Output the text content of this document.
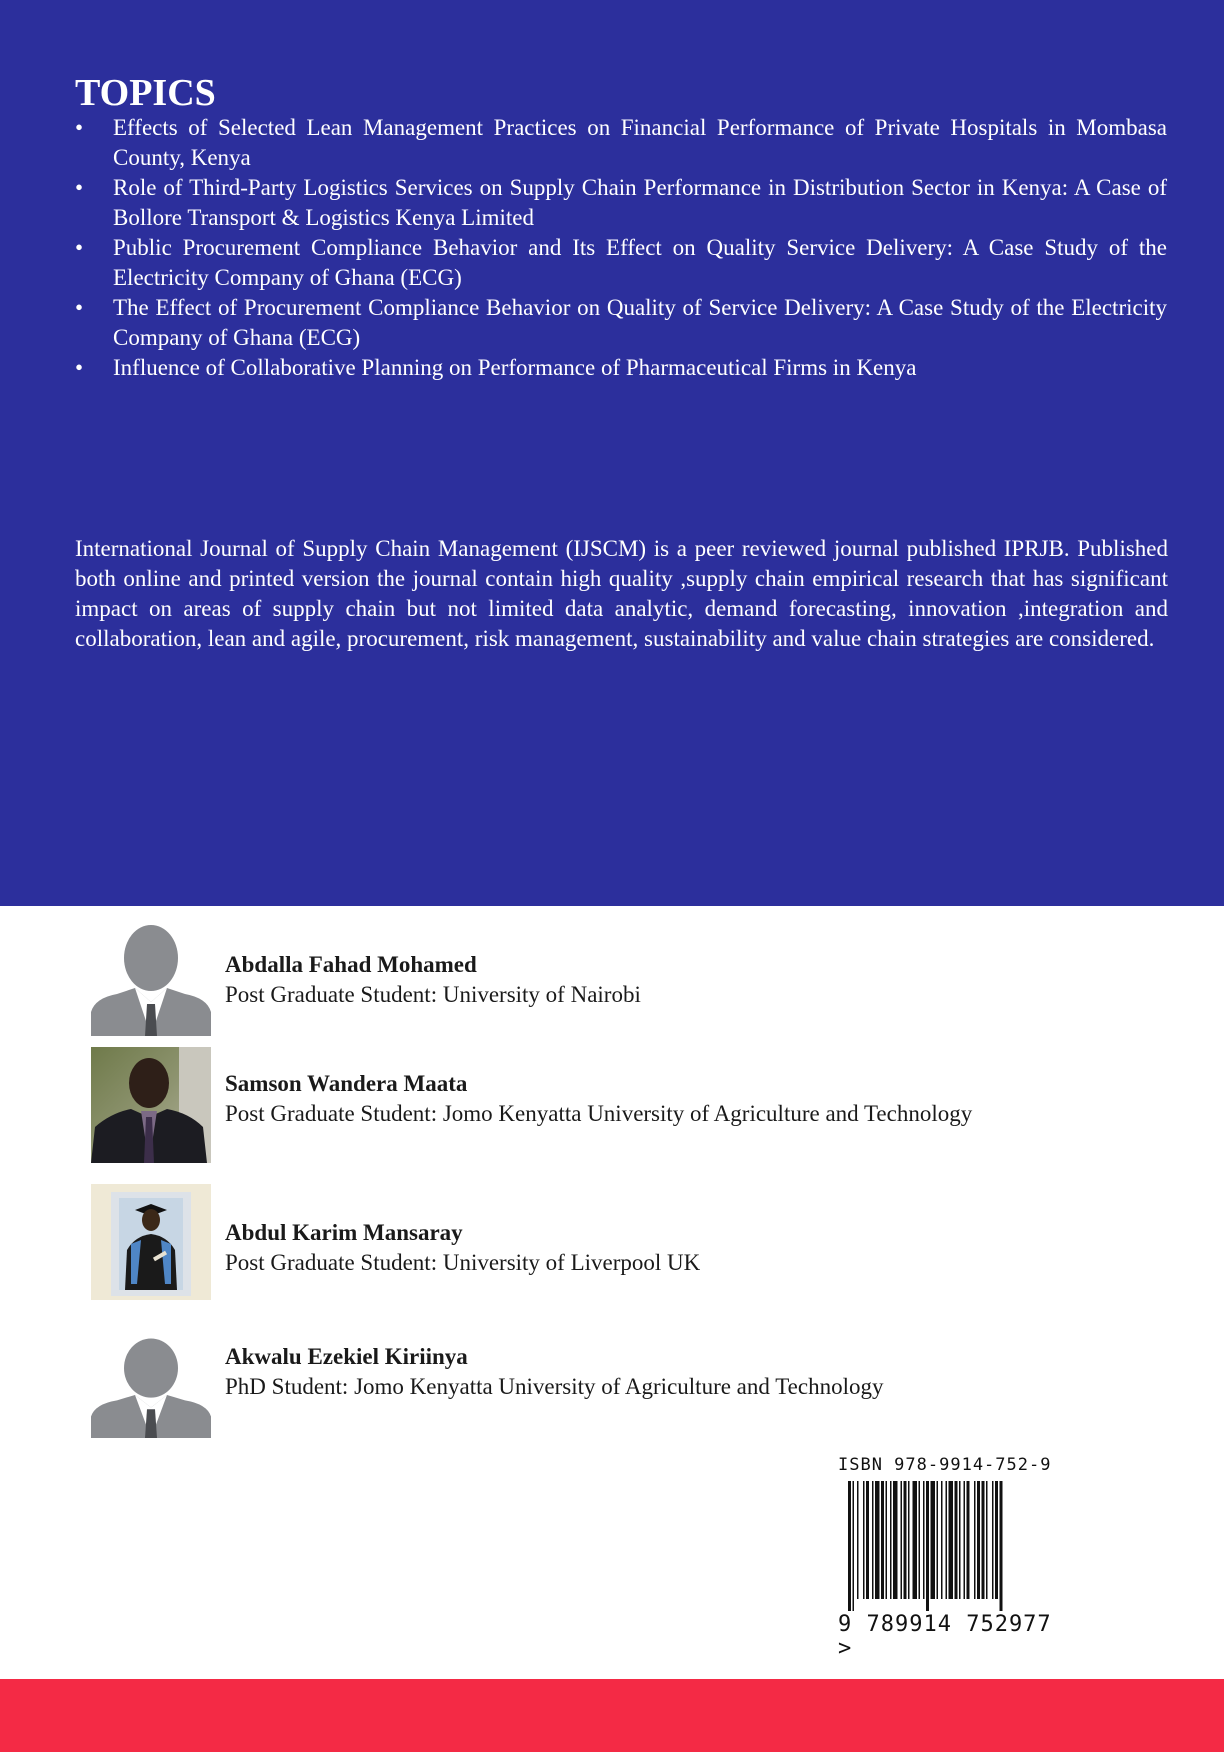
TOPICS
• Effects of Selected Lean Management Practices on Financial Performance of Private Hospitals in Mombasa County, Kenya
• Role of Third-Party Logistics Services on Supply Chain Performance in Distribution Sector in Kenya: A Case of Bollore Transport & Logistics Kenya Limited
• Public Procurement Compliance Behavior and Its Effect on Quality Service Delivery: A Case Study of the Electricity Company of Ghana (ECG)
• The Effect of Procurement Compliance Behavior on Quality of Service Delivery: A Case Study of the Electricity Company of Ghana (ECG)
• Influence of Collaborative Planning on Performance of Pharmaceutical Firms in Kenya

International Journal of Supply Chain Management (IJSCM) is a peer reviewed journal published IPRJB. Published both online and printed version the journal contain high quality ,supply chain empirical research that has significant impact on areas of supply chain but not limited data analytic, demand forecasting, innovation ,integration and collaboration, lean and agile, procurement, risk management, sustainability and value chain strategies are considered.

Abdalla Fahad Mohamed
Post Graduate Student: University of Nairobi
Samson Wandera Maata
Post Graduate Student: Jomo Kenyatta University of Agriculture and Technology
Abdul Karim Mansaray
Post Graduate Student: University of Liverpool UK
Akwalu Ezekiel Kiriinya
PhD Student: Jomo Kenyatta University of Agriculture and Technology
ISBN 978-9914-752-9
9 789914 752977 >
